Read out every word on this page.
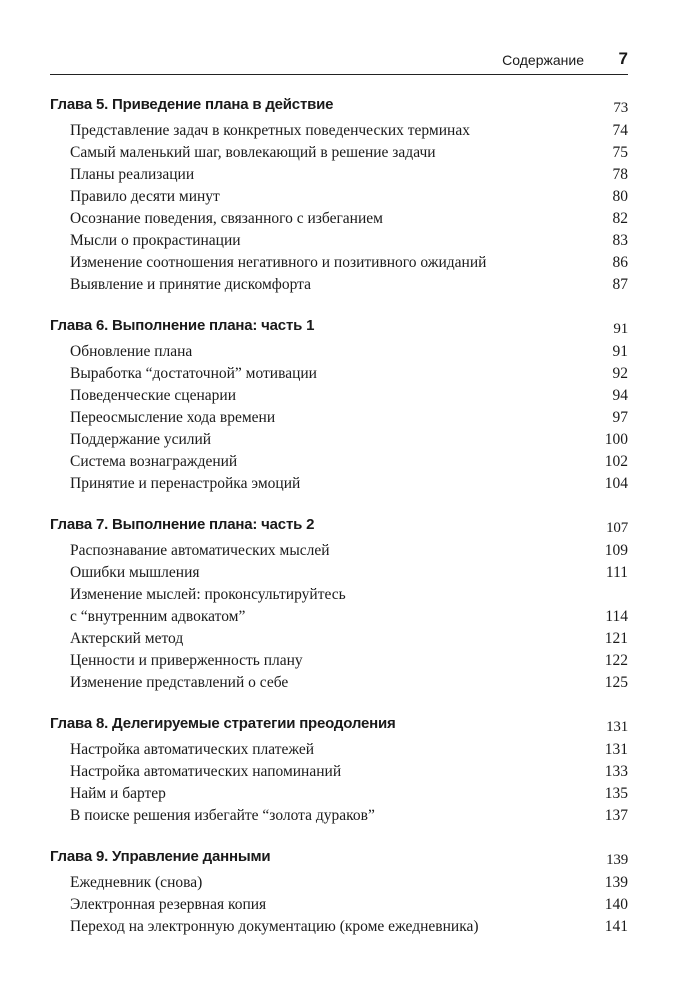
Содержание 7
Глава 5. Приведение плана в действие	73
Представление задач в конкретных поведенческих терминах	74
Самый маленький шаг, вовлекающий в решение задачи	75
Планы реализации	78
Правило десяти минут	80
Осознание поведения, связанного с избеганием	82
Мысли о прокрастинации	83
Изменение соотношения негативного и позитивного ожиданий	86
Выявление и принятие дискомфорта	87
Глава 6. Выполнение плана: часть 1	91
Обновление плана	91
Выработка “достаточной” мотивации	92
Поведенческие сценарии	94
Переосмысление хода времени	97
Поддержание усилий	100
Система вознаграждений	102
Принятие и перенастройка эмоций	104
Глава 7. Выполнение плана: часть 2	107
Распознавание автоматических мыслей	109
Ошибки мышления	111
Изменение мыслей: проконсультируйтесь
с “внутренним адвокатом”	114
Актерский метод	121
Ценности и приверженность плану	122
Изменение представлений о себе	125
Глава 8. Делегируемые стратегии преодоления	131
Настройка автоматических платежей	131
Настройка автоматических напоминаний	133
Найм и бартер	135
В поиске решения избегайте “золота дураков”	137
Глава 9. Управление данными	139
Ежедневник (снова)	139
Электронная резервная копия	140
Переход на электронную документацию (кроме ежедневника)	141
